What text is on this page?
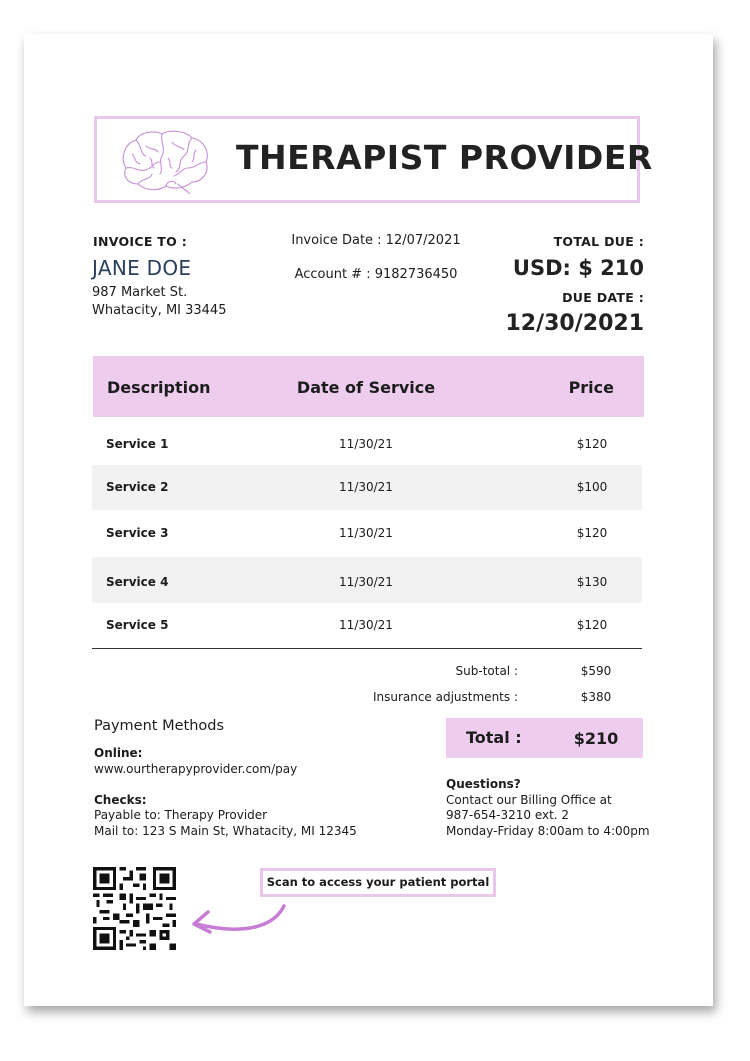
THERAPIST PROVIDER
INVOICE TO :
JANE DOE
987 Market St.
Whatacity, MI 33445
Invoice Date : 12/07/2021
Account # : 9182736450
TOTAL DUE :
USD: $ 210
DUE DATE :
12/30/2021
Description	Date of Service	Price
Service 1	11/30/21	$120
Service 2	11/30/21	$100
Service 3	11/30/21	$120
Service 4	11/30/21	$130
Service 5	11/30/21	$120
Sub-total :	$590
Insurance adjustments :	$380
Total :	$210
Payment Methods
Online:
www.ourtherapyprovider.com/pay
Checks:
Payable to: Therapy Provider
Mail to: 123 S Main St, Whatacity, MI 12345
Questions?
Contact our Billing Office at
987-654-3210 ext. 2
Monday-Friday 8:00am to 4:00pm
Scan to access your patient portal
